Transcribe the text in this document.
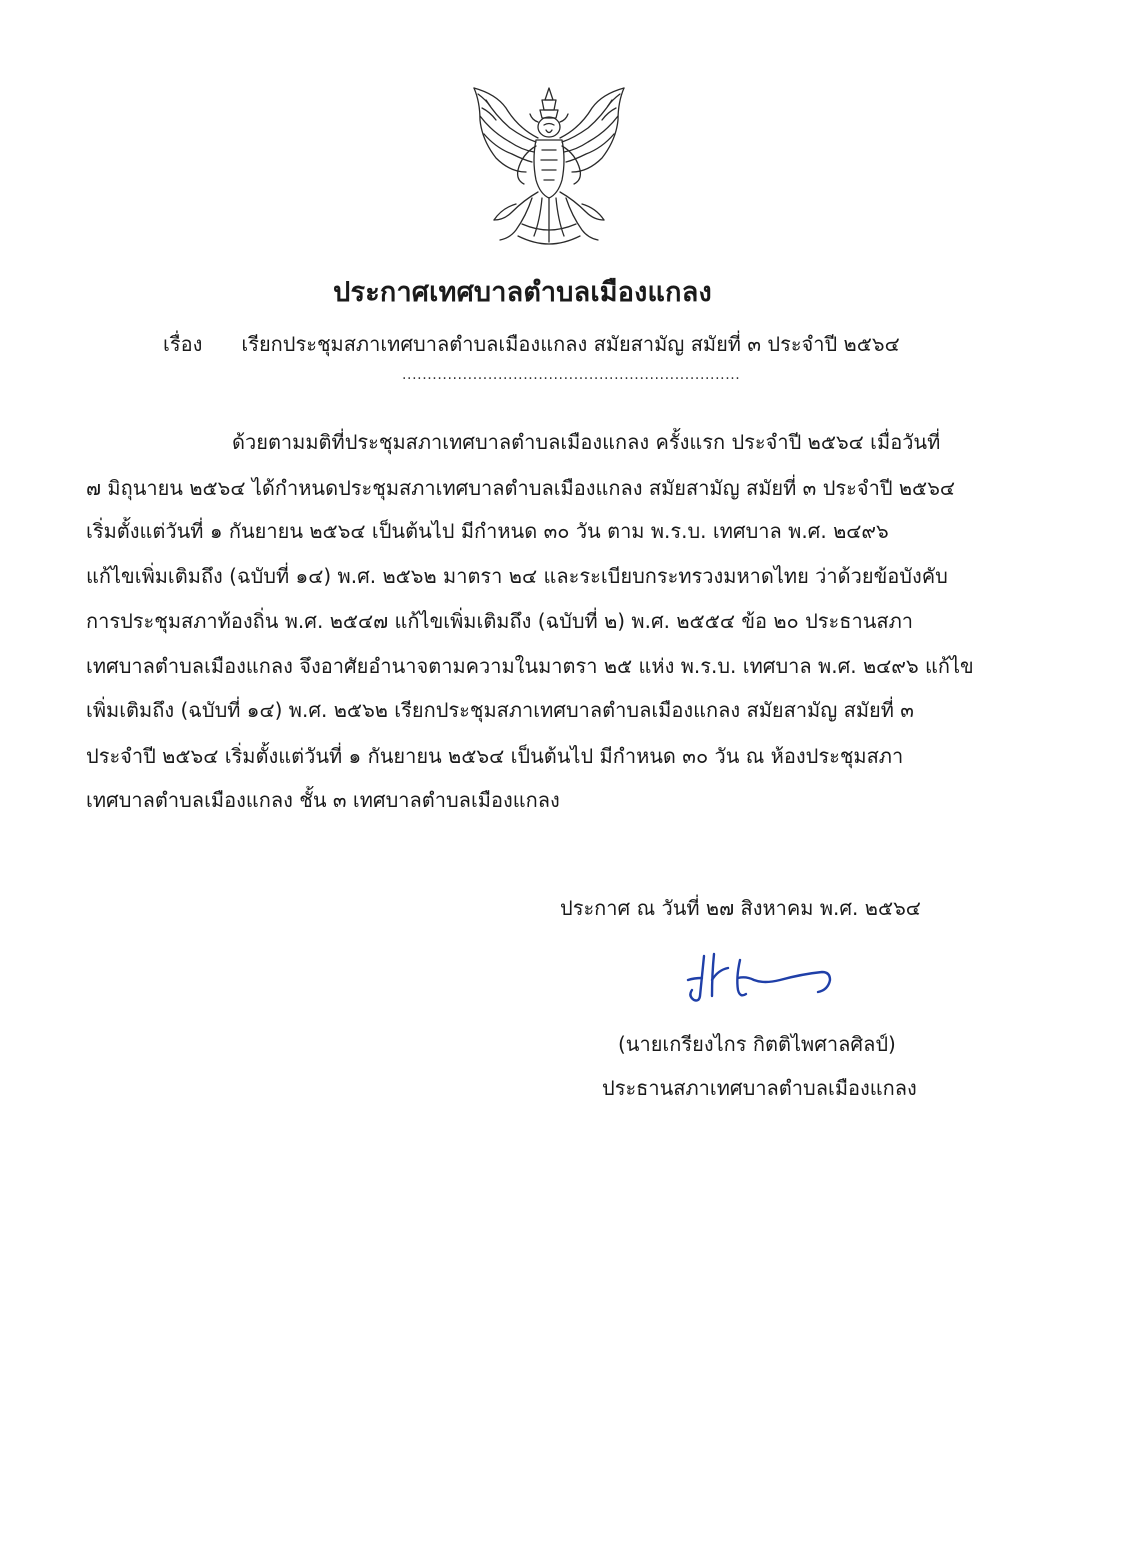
ประกาศเทศบาลตำบลเมืองแกลง
เรื่อง เรียกประชุมสภาเทศบาลตำบลเมืองแกลง สมัยสามัญ สมัยที่ ๓ ประจำปี ๒๕๖๔
...................................................................
ด้วยตามมติที่ประชุมสภาเทศบาลตำบลเมืองแกลง ครั้งแรก ประจำปี ๒๕๖๔ เมื่อวันที่
๗ มิถุนายน ๒๕๖๔ ได้กำหนดประชุมสภาเทศบาลตำบลเมืองแกลง สมัยสามัญ สมัยที่ ๓ ประจำปี ๒๕๖๔
เริ่มตั้งแต่วันที่ ๑ กันยายน ๒๕๖๔ เป็นต้นไป มีกำหนด ๓๐ วัน ตาม พ.ร.บ. เทศบาล พ.ศ. ๒๔๙๖
แก้ไขเพิ่มเติมถึง (ฉบับที่ ๑๔) พ.ศ. ๒๕๖๒ มาตรา ๒๔ และระเบียบกระทรวงมหาดไทย ว่าด้วยข้อบังคับ
การประชุมสภาท้องถิ่น พ.ศ. ๒๕๔๗ แก้ไขเพิ่มเติมถึง (ฉบับที่ ๒) พ.ศ. ๒๕๕๔ ข้อ ๒๐ ประธานสภา
เทศบาลตำบลเมืองแกลง จึงอาศัยอำนาจตามความในมาตรา ๒๕ แห่ง พ.ร.บ. เทศบาล พ.ศ. ๒๔๙๖ แก้ไข
เพิ่มเติมถึง (ฉบับที่ ๑๔) พ.ศ. ๒๕๖๒ เรียกประชุมสภาเทศบาลตำบลเมืองแกลง สมัยสามัญ สมัยที่ ๓
ประจำปี ๒๕๖๔ เริ่มตั้งแต่วันที่ ๑ กันยายน ๒๕๖๔ เป็นต้นไป มีกำหนด ๓๐ วัน ณ ห้องประชุมสภา
เทศบาลตำบลเมืองแกลง ชั้น ๓ เทศบาลตำบลเมืองแกลง
ประกาศ ณ วันที่ ๒๗ สิงหาคม พ.ศ. ๒๕๖๔
(นายเกรียงไกร กิตติไพศาลศิลป์)
ประธานสภาเทศบาลตำบลเมืองแกลง
